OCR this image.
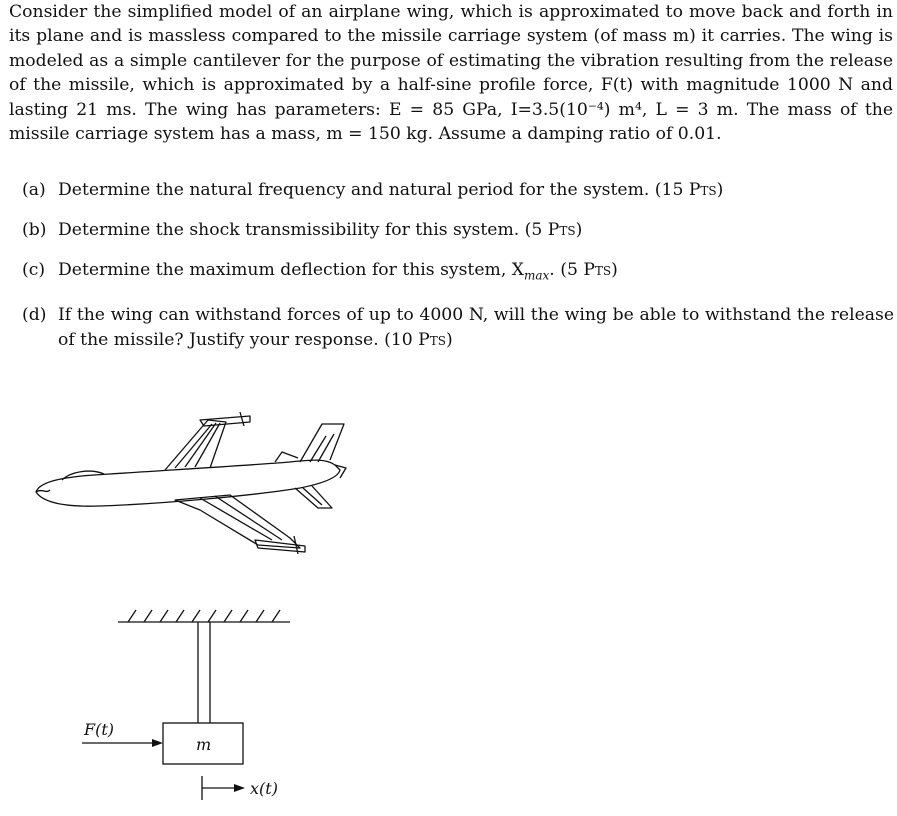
Consider the simplified model of an airplane wing, which is approximated to move back and forth in its plane and is massless compared to the missile carriage system (of mass m) it carries. The wing is modeled as a simple cantilever for the purpose of estimating the vibration resulting from the release of the missile, which is approximated by a half-sine profile force, F(t) with magnitude 1000 N and lasting 21 ms. The wing has parameters: E = 85 GPa, I=3.5(10⁻⁴) m⁴, L = 3 m. The mass of the missile carriage system has a mass, m = 150 kg. Assume a damping ratio of 0.01.
(a) Determine the natural frequency and natural period for the system. (15 Pts)
(b) Determine the shock transmissibility for this system. (5 Pts)
(c) Determine the maximum deflection for this system, $X_{max}$. (5 Pts)
(d) If the wing can withstand forces of up to 4000 N, will the wing be able to withstand the release of the missile? Justify your response. (10 Pts)
F(t)
m
x(t)
